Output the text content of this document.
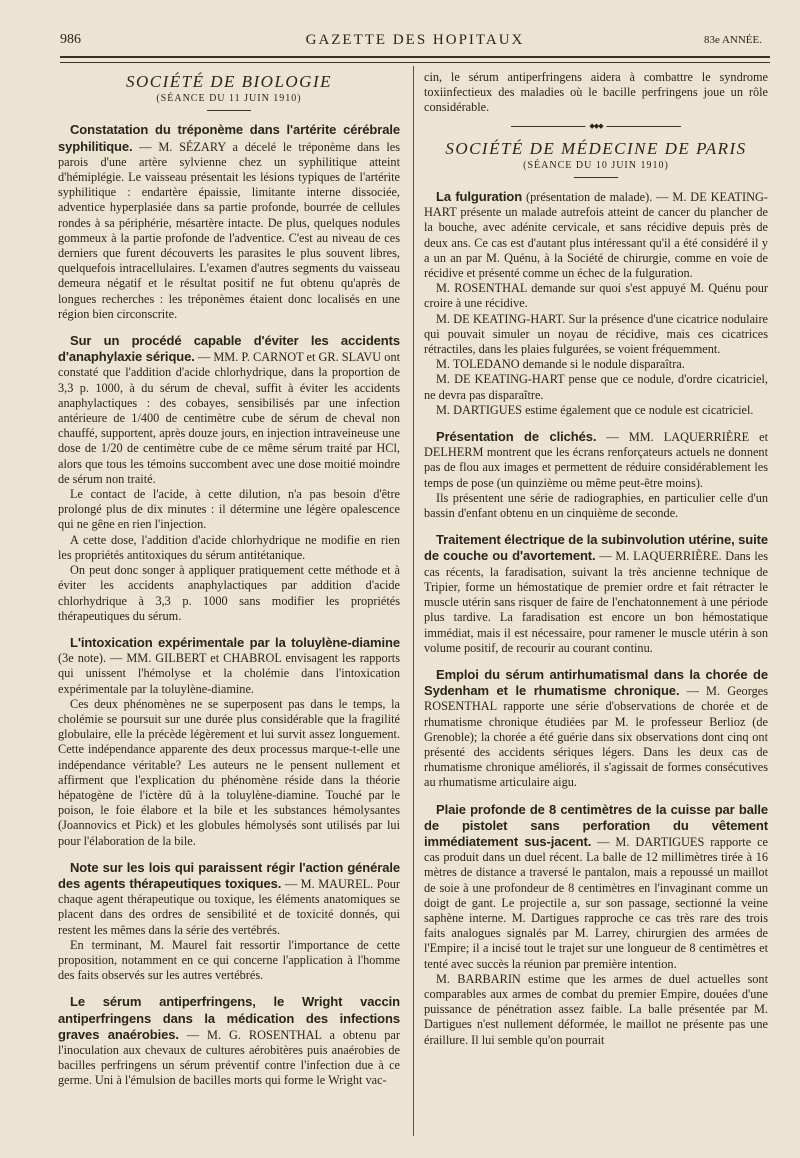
986	GAZETTE DES HOPITAUX	83e ANNÉE.
SOCIÉTÉ DE BIOLOGIE
(SÉANCE DU 11 JUIN 1910)

Constatation du tréponème dans l'artérite cérébrale syphilitique. — M. SÉZARY a décelé le tréponème dans les parois d'une artère sylvienne chez un syphilitique atteint d'hémiplégie. Le vaisseau présentait les lésions typiques de l'artérite syphilitique : endartère épaissie, limitante interne dissociée, adventice hyperplasiée dans sa partie profonde, bourrée de cellules rondes à sa périphérie, mésartère intacte. De plus, quelques nodules gommeux à la partie profonde de l'adventice. C'est au niveau de ces derniers que furent découverts les parasites le plus souvent libres, quelquefois intracellulaires. L'examen d'autres segments du vaisseau demeura négatif et le résultat positif ne fut obtenu qu'après de longues recherches : les tréponèmes étaient donc localisés en une région bien circonscrite.

Sur un procédé capable d'éviter les accidents d'anaphylaxie sérique. — MM. P. CARNOT et GR. SLAVU ont constaté que l'addition d'acide chlorhydrique, dans la proportion de 3,3 p. 1000, à du sérum de cheval, suffit à éviter les accidents anaphylactiques : des cobayes, sensibilisés par une infection antérieure de 1/400 de centimètre cube de sérum de cheval non chauffé, supportent, après douze jours, en injection intraveineuse une dose de 1/20 de centimètre cube de ce même sérum traité par HCl, alors que tous les témoins succombent avec une dose moitié moindre de sérum non traité.

Le contact de l'acide, à cette dilution, n'a pas besoin d'être prolongé plus de dix minutes : il détermine une légère opalescence qui ne gêne en rien l'injection.

A cette dose, l'addition d'acide chlorhydrique ne modifie en rien les propriétés antitoxiques du sérum antitétanique.

On peut donc songer à appliquer pratiquement cette méthode et à éviter les accidents anaphylactiques par addition d'acide chlorhydrique à 3,3 p. 1000 sans modifier les propriétés thérapeutiques du sérum.

L'intoxication expérimentale par la toluylène-diamine (3e note). — MM. GILBERT et CHABROL envisagent les rapports qui unissent l'hémolyse et la cholémie dans l'intoxication expérimentale par la toluylène-diamine.

Ces deux phénomènes ne se superposent pas dans le temps, la cholémie se poursuit sur une durée plus considérable que la fragilité globulaire, elle la précède légèrement et lui survit assez longuement. Cette indépendance apparente des deux processus marque-t-elle une indépendance véritable? Les auteurs ne le pensent nullement et affirment que l'explication du phénomène réside dans la théorie hépatogène de l'ictère dû à la toluylène-diamine. Touché par le poison, le foie élabore et la bile et les substances hémolysantes (Joannovics et Pick) et les globules hémolysés sont utilisés par lui pour l'élaboration de la bile.

Note sur les lois qui paraissent régir l'action générale des agents thérapeutiques toxiques. — M. MAUREL. Pour chaque agent thérapeutique ou toxique, les éléments anatomiques se placent dans des ordres de sensibilité et de toxicité donnés, qui restent les mêmes dans la série des vertébrés.

En terminant, M. Maurel fait ressortir l'importance de cette proposition, notamment en ce qui concerne l'application à l'homme des faits observés sur les autres vertébrés.

Le sérum antiperfringens, le Wright vaccin antiperfringens dans la médication des infections graves anaérobies. — M. G. ROSENTHAL a obtenu par l'inoculation aux chevaux de cultures aérobitères puis anaérobies de bacilles perfringens un sérum préventif contre l'infection due à ce germe. Uni à l'émulsion de bacilles morts qui forme le Wright vac-

cin, le sérum antiperfringens aidera à combattre le syndrome toxiinfectieux des maladies où le bacille perfringens joue un rôle considérable.

◆◆◆
SOCIÉTÉ DE MÉDECINE DE PARIS
(SÉANCE DU 10 JUIN 1910)

La fulguration (présentation de malade). — M. DE KEATING-HART présente un malade autrefois atteint de cancer du plancher de la bouche, avec adénite cervicale, et sans récidive depuis près de deux ans. Ce cas est d'autant plus intéressant qu'il a été considéré il y a un an par M. Quénu, à la Société de chirurgie, comme en voie de récidive et présenté comme un échec de la fulguration.

M. ROSENTHAL demande sur quoi s'est appuyé M. Quénu pour croire à une récidive.

M. DE KEATING-HART. Sur la présence d'une cicatrice nodulaire qui pouvait simuler un noyau de récidive, mais ces cicatrices rétractiles, dans les plaies fulgurées, se voient fréquemment.

M. TOLEDANO demande si le nodule disparaîtra.

M. DE KEATING-HART pense que ce nodule, d'ordre cicatriciel, ne devra pas disparaître.

M. DARTIGUES estime également que ce nodule est cicatriciel.

Présentation de clichés. — MM. LAQUERRIÈRE et DELHERM montrent que les écrans renforçateurs actuels ne donnent pas de flou aux images et permettent de réduire considérablement les temps de pose (un quinzième ou même peut-être moins).

Ils présentent une série de radiographies, en particulier celle d'un bassin d'enfant obtenu en un cinquième de seconde.

Traitement électrique de la subinvolution utérine, suite de couche ou d'avortement. — M. LAQUERRIÈRE. Dans les cas récents, la faradisation, suivant la très ancienne technique de Tripier, forme un hémostatique de premier ordre et fait rétracter le muscle utérin sans risquer de faire de l'enchatonnement à une période plus tardive. La faradisation est encore un bon hémostatique immédiat, mais il est nécessaire, pour ramener le muscle utérin à son volume positif, de recourir au courant continu.

Emploi du sérum antirhumatismal dans la chorée de Sydenham et le rhumatisme chronique. — M. Georges ROSENTHAL rapporte une série d'observations de chorée et de rhumatisme chronique étudiées par M. le professeur Berlioz (de Grenoble); la chorée a été guérie dans six observations dont cinq ont présenté des accidents sériques légers. Dans les deux cas de rhumatisme chronique améliorés, il s'agissait de formes consécutives au rhumatisme articulaire aigu.

Plaie profonde de 8 centimètres de la cuisse par balle de pistolet sans perforation du vêtement immédiatement sus-jacent. — M. DARTIGUES rapporte ce cas produit dans un duel récent. La balle de 12 millimètres tirée à 16 mètres de distance a traversé le pantalon, mais a repoussé un maillot de soie à une profondeur de 8 centimètres en l'invaginant comme un doigt de gant. Le projectile a, sur son passage, sectionné la veine saphène interne. M. Dartigues rapproche ce cas très rare des trois faits analogues signalés par M. Larrey, chirurgien des armées de l'Empire; il a incisé tout le trajet sur une longueur de 8 centimètres et tenté avec succès la réunion par première intention.

M. BARBARIN estime que les armes de duel actuelles sont comparables aux armes de combat du premier Empire, douées d'une puissance de pénétration assez faible. La balle présentée par M. Dartigues n'est nullement déformée, le maillot ne présente pas une éraillure. Il lui semble qu'on pourrait
